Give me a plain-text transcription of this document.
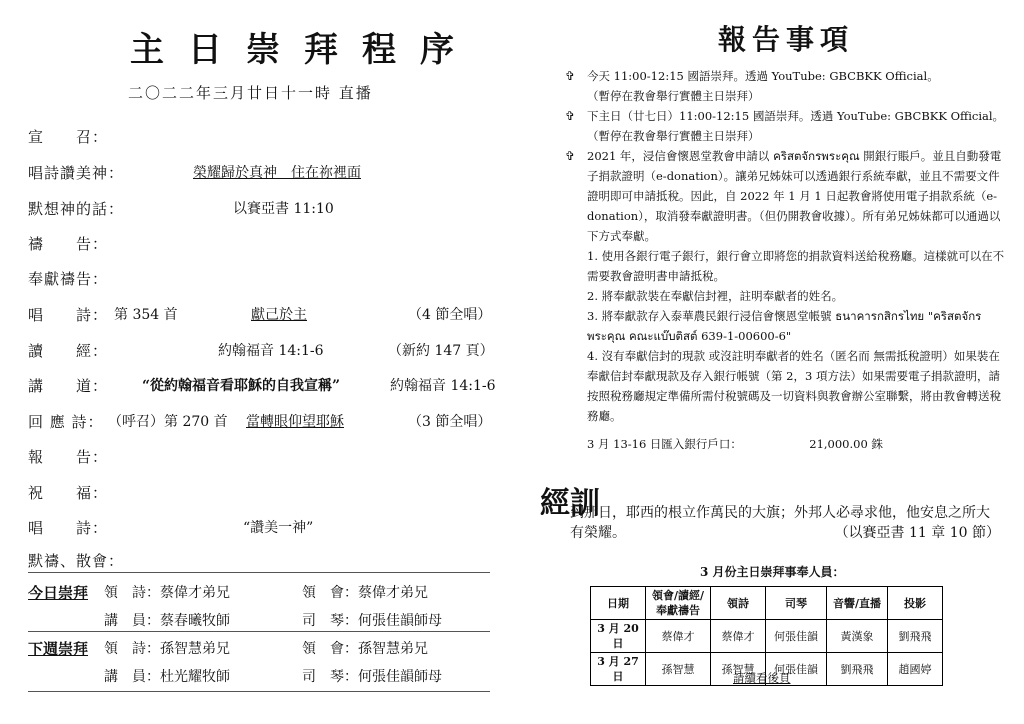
主日崇拜程序
二〇二二年三月廿日十一時 直播
宣　　召：
唱詩讚美神：	榮耀歸於真神　住在祢裡面
默想神的話：	以賽亞書 11:10
禱　　告：
奉獻禱告：
唱　　詩： 第 354 首	獻己於主	（4 節全唱）
讀　　經：	約翰福音 14:1-6	（新約 147 頁）
講　　道： “從約翰福音看耶穌的自我宣稱”	約翰福音 14:1-6
回 應 詩： （呼召）第 270 首 當轉眼仰望耶穌	（3 節全唱）
報　　告：
祝　　福：
唱　　詩：	“讚美一神”
默禱、散會：
今日崇拜 領　詩：蔡偉才弟兄	領　會：蔡偉才弟兄
講　員：蔡春曦牧師	司　琴：何張佳韻師母
下週崇拜 領　詩：孫智慧弟兄	領　會：孫智慧弟兄
講　員：杜光耀牧師	司　琴：何張佳韻師母
報告事項
✞ 今天 11:00-12:15 國語崇拜。透過 YouTube: GBCBKK Official。
（暫停在教會舉行實體主日崇拜）
✞ 下主日（廿七日）11:00-12:15 國語崇拜。透過 YouTube: GBCBKK Official。
（暫停在教會舉行實體主日崇拜）
✞ 2021 年，浸信會懷恩堂教會申請以 คริสตจักรพระคุณ 開銀行賬戶。並且自動發電子捐款證明（e-donation）。讓弟兄姊妹可以透過銀行系統奉獻，並且不需要文件證明即可申請抵稅。因此，自 2022 年 1 月 1 日起教會將使用電子捐款系統（e-donation），取消發奉獻證明書。（但仍開教會收據）。所有弟兄姊妹都可以通過以下方式奉獻。
1. 使用各銀行電子銀行，銀行會立即將您的捐款資料送給稅務廳。這樣就可以在不需要教會證明書申請抵稅。
2. 將奉獻款裝在奉獻信封裡，註明奉獻者的姓名。
3. 將奉獻款存入泰華農民銀行浸信會懷恩堂帳號 ธนาคารกสิกรไทย "คริสตจักรพระคุณ คณะแบ๊บติสต์ 639-1-00600-6"
4. 沒有奉獻信封的現款 或沒註明奉獻者的姓名（匿名而 無需抵稅證明）如果裝在奉獻信封奉獻現款及存入銀行帳號（第 2，3 項方法）如果需要電子捐款證明，請按照稅務廳規定準備所需付稅號碼及一切資料與教會辦公室聯繫，將由教會轉送稅務廳。
3 月 13-16 日匯入銀行戶口：	21,000.00 銖
經訓
到那日，耶西的根立作萬民的大旗；外邦人必尋求他，他安息之所大有榮耀。	（以賽亞書 11 章 10 節）
3 月份主日崇拜事奉人員：
日期	領會/讀經/奉獻禱告	領詩	司琴	音響/直播	投影
3 月 20 日	蔡偉才	蔡偉才	何張佳韻	黃漢象	劉飛飛
3 月 27 日	孫智慧	孫智慧	何張佳韻	劉飛飛	趙國婷
請續看後頁
